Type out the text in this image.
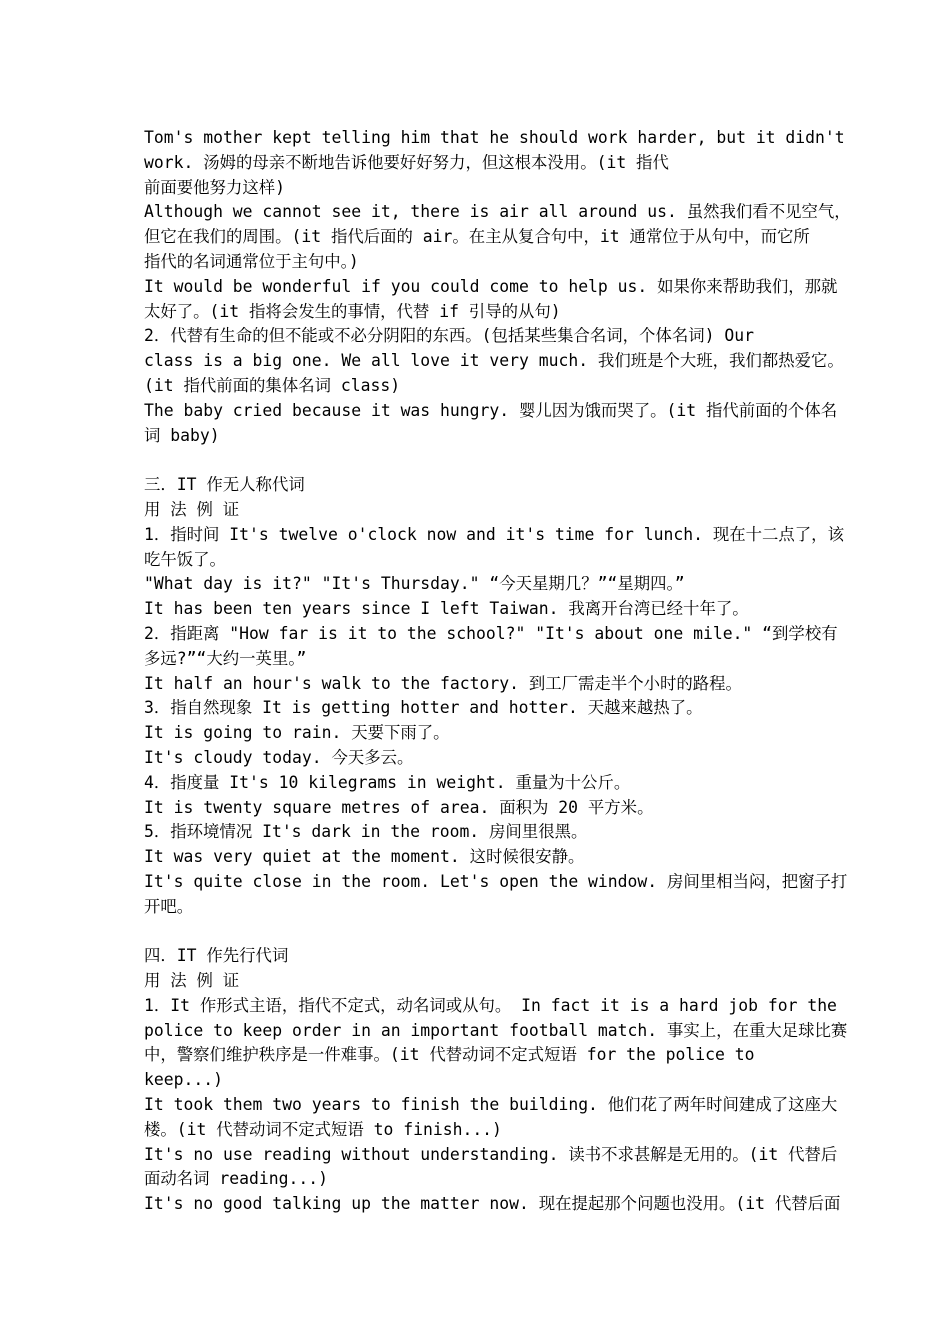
Tom's mother kept telling him that he should work harder, but it didn't
work. 汤姆的母亲不断地告诉他要好好努力，但这根本没用。(it 指代
前面要他努力这样)
Although we cannot see it, there is air all around us. 虽然我们看不见空气，
但它在我们的周围。(it 指代后面的 air。在主从复合句中，it 通常位于从句中，而它所
指代的名词通常位于主句中。)
It would be wonderful if you could come to help us. 如果你来帮助我们，那就
太好了。(it 指将会发生的事情，代替 if 引导的从句)
2．代替有生命的但不能或不必分阴阳的东西。(包括某些集合名词，个体名词) Our
class is a big one. We all love it very much. 我们班是个大班，我们都热爱它。
(it 指代前面的集体名词 class)
The baby cried because it was hungry. 婴儿因为饿而哭了。(it 指代前面的个体名
词 baby)
三．IT 作无人称代词
用 法 例 证
1．指时间 It's twelve o'clock now and it's time for lunch. 现在十二点了，该
吃午饭了。
"What day is it?" "It's Thursday." “今天星期几？”“星期四。”
It has been ten years since I left Taiwan. 我离开台湾已经十年了。
2．指距离 "How far is it to the school?" "It's about one mile." “到学校有
多远?”“大约一英里。”
It half an hour's walk to the factory. 到工厂需走半个小时的路程。
3．指自然现象 It is getting hotter and hotter. 天越来越热了。
It is going to rain. 天要下雨了。
It's cloudy today. 今天多云。
4．指度量 It's 10 kilegrams in weight. 重量为十公斤。
It is twenty square metres of area. 面积为 20 平方米。
5．指环境情况 It's dark in the room. 房间里很黑。
It was very quiet at the moment. 这时候很安静。
It's quite close in the room. Let's open the window. 房间里相当闷，把窗子打
开吧。
四．IT 作先行代词
用 法 例 证
1．It 作形式主语，指代不定式，动名词或从句。 In fact it is a hard job for the
police to keep order in an important football match. 事实上，在重大足球比赛
中，警察们维护秩序是一件难事。(it 代替动词不定式短语 for the police to
keep...)
It took them two years to finish the building. 他们花了两年时间建成了这座大
楼。(it 代替动词不定式短语 to finish...)
It's no use reading without understanding. 读书不求甚解是无用的。(it 代替后
面动名词 reading...)
It's no good talking up the matter now. 现在提起那个问题也没用。(it 代替后面
